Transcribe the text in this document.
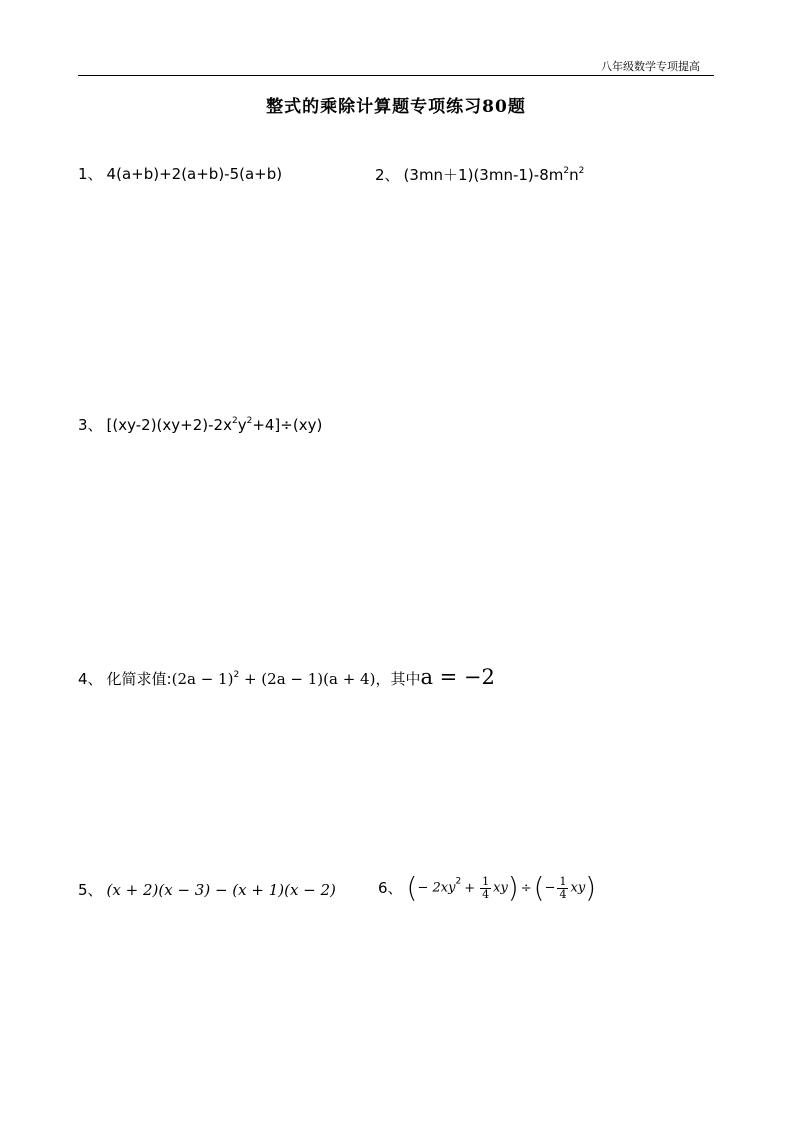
八年级数学专项提高
整式的乘除计算题专项练习80题
1、 4(a+b)+2(a+b)-5(a+b)	2、 $(3mn+1)(3mn-1)-8m^2n^2$
3、 $[(xy-2)(xy+2)-2x^2y^2+4]\div(xy)$
4、 化简求值:(2a − 1)$^2$ + (2a − 1)(a + 4)，其中a = −2
5、 (x + 2)(x − 3) − (x + 1)(x − 2)	6、 (− $2xy^2 + \frac{1}{4} xy$) ÷(− $\frac{1}{4} xy$)
